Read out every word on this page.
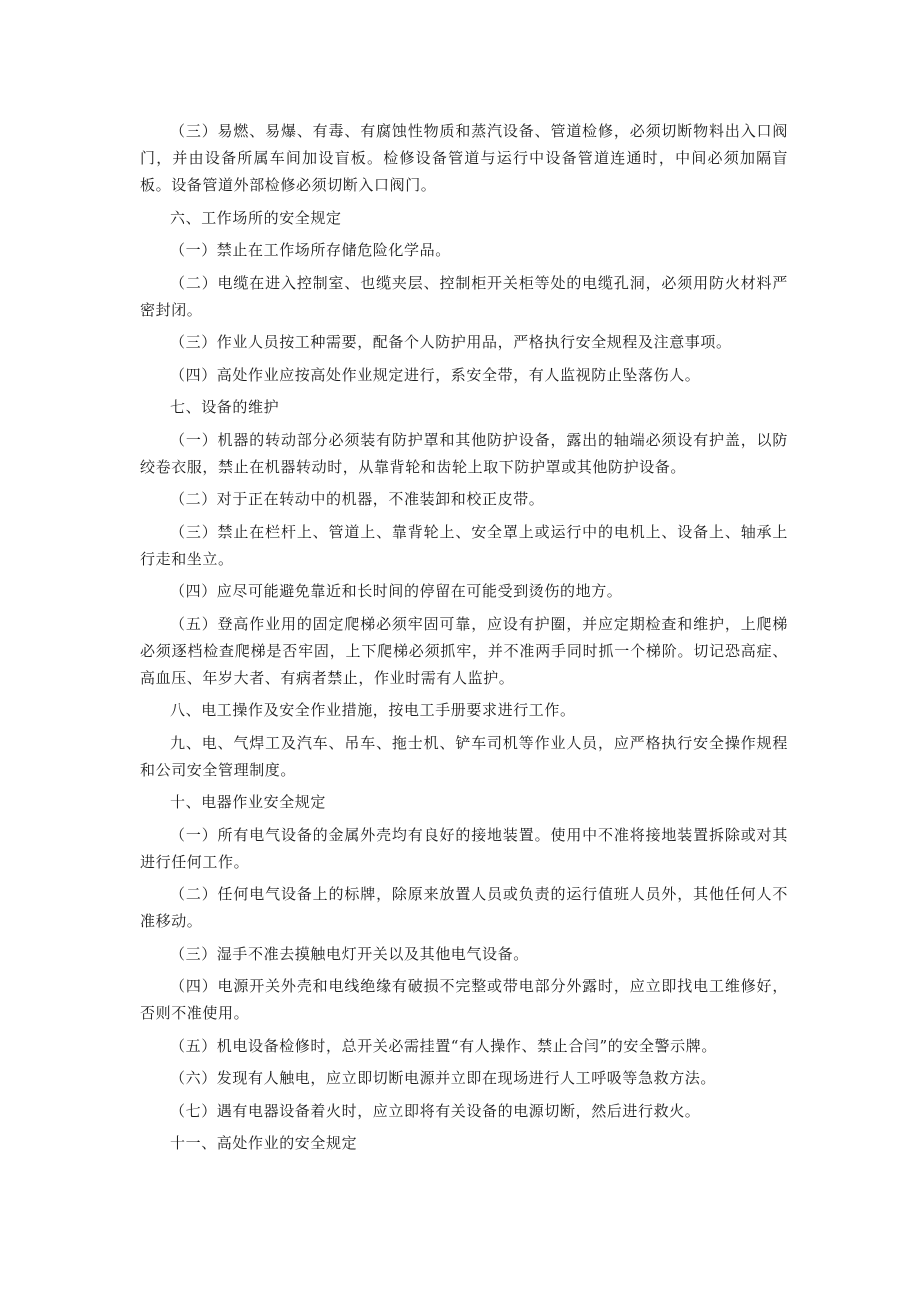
（三）易燃、易爆、有毒、有腐蚀性物质和蒸汽设备、管道检修，必须切断物料出入口阀门，并由设备所属车间加设盲板。检修设备管道与运行中设备管道连通时，中间必须加隔盲板。设备管道外部检修必须切断入口阀门。

六、工作场所的安全规定

（一）禁止在工作场所存储危险化学品。

（二）电缆在进入控制室、也缆夹层、控制柜开关柜等处的电缆孔洞，必须用防火材料严密封闭。

（三）作业人员按工种需要，配备个人防护用品，严格执行安全规程及注意事项。

（四）高处作业应按高处作业规定进行，系安全带，有人监视防止坠落伤人。

七、设备的维护

（一）机器的转动部分必须装有防护罩和其他防护设备，露出的轴端必须设有护盖，以防绞卷衣服，禁止在机器转动时，从靠背轮和齿轮上取下防护罩或其他防护设备。

（二）对于正在转动中的机器，不准装卸和校正皮带。

（三）禁止在栏杆上、管道上、靠背轮上、安全罩上或运行中的电机上、设备上、轴承上行走和坐立。

（四）应尽可能避免靠近和长时间的停留在可能受到烫伤的地方。

（五）登高作业用的固定爬梯必须牢固可靠，应设有护圈，并应定期检查和维护，上爬梯必须逐档检查爬梯是否牢固，上下爬梯必须抓牢，并不准两手同时抓一个梯阶。切记恐高症、高血压、年岁大者、有病者禁止，作业时需有人监护。

八、电工操作及安全作业措施，按电工手册要求进行工作。

九、电、气焊工及汽车、吊车、拖士机、铲车司机等作业人员，应严格执行安全操作规程和公司安全管理制度。

十、电器作业安全规定

（一）所有电气设备的金属外壳均有良好的接地装置。使用中不准将接地装置拆除或对其进行任何工作。

（二）任何电气设备上的标牌，除原来放置人员或负责的运行值班人员外，其他任何人不准移动。

（三）湿手不准去摸触电灯开关以及其他电气设备。

（四）电源开关外壳和电线绝缘有破损不完整或带电部分外露时，应立即找电工维修好，否则不准使用。

（五）机电设备检修时，总开关必需挂置“有人操作、禁止合闫”的安全警示牌。

（六）发现有人触电，应立即切断电源并立即在现场进行人工呼吸等急救方法。

（七）遇有电器设备着火时，应立即将有关设备的电源切断，然后进行救火。

十一、高处作业的安全规定
